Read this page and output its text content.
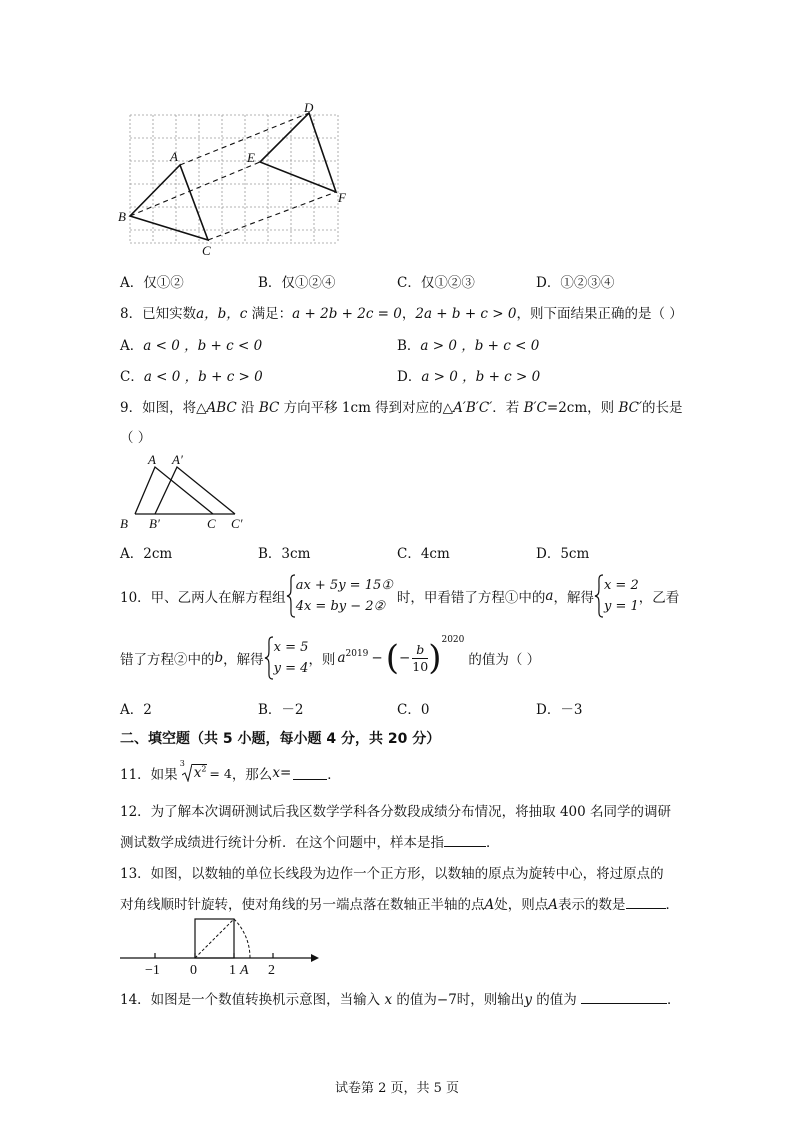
A
B
C
D
E
F
A．仅①②	B．仅①②④	C．仅①②③	D．①②③④
8．已知实数a，b，c 满足：a + 2b + 2c = 0，2a + b + c > 0，则下面结果正确的是（ ）
A．a < 0 ，b + c < 0	B．a > 0 ，b + c < 0
C．a < 0 ，b + c > 0	D．a > 0 ，b + c > 0
9．如图，将△ABC 沿 BC 方向平移 1cm 得到对应的△A′B′C′．若 B′C=2cm，则 BC′的长是
（ ）
A A′
B B′	C C′
A．2cm	B．3cm	C．4cm	D．5cm
10．甲、乙两人在解方程组
ax + 5y = 15①
4x = by − 2②
时，甲看错了方程①中的 a ，解得
x = 2
y = 1
，乙看
错了方程②中的 b ，解得
x = 5
y = 4
，则 $a^{2019}$ − ( − $\frac{b}{10} )^{2020}$
的值为（ ）
A．2	B．－2	C．0	D．－3
二、填空题（共 5 小题，每小题 4 分，共 20 分）
11．如果
3
$x^2 = 4$ ，那么 x =	．
12．为了解本次调研测试后我区数学学科各分数段成绩分布情况，将抽取 400 名同学的调研
测试数学成绩进行统计分析．在这个问题中，样本是指	．
13．如图，以数轴的单位长线段为边作一个正方形，以数轴的原点为旋转中心，将过原点的
对角线顺时针旋转，使对角线的另一端点落在数轴正半轴的点A处，则点A表示的数是	．
−1 0 1 A 2
14．如图是一个数值转换机示意图，当输入 x 的值为−7时，则输出y 的值为	．
试卷第 2 页，共 5 页
